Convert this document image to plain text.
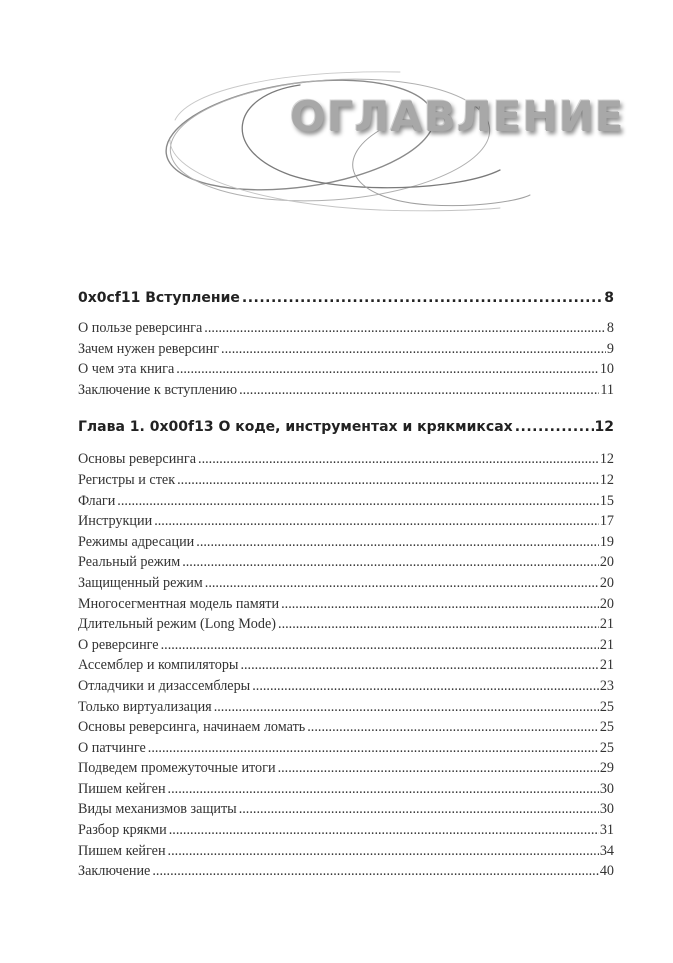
ОГЛАВЛЕНИЕ
0x0cf11 Вступление .....	8
О пользе реверсинга .....	8
Зачем нужен реверсинг .....	9
О чем эта книга .....	10
Заключение к вступлению .....	11
Глава 1. 0x00f13 О коде, инструментах и крякмиксах .....	12
Основы реверсинга .....	12
Регистры и стек .....	12
Флаги .....	15
Инструкции .....	17
Режимы адресации .....	19
Реальный режим .....	20
Защищенный режим .....	20
Многосегментная модель памяти .....	20
Длительный режим (Long Mode) .....	21
О реверсинге .....	21
Ассемблер и компиляторы .....	21
Отладчики и дизассемблеры .....	23
Только виртуализация .....	25
Основы реверсинга, начинаем ломать .....	25
О патчинге .....	25
Подведем промежуточные итоги .....	29
Пишем кейген .....	30
Виды механизмов защиты .....	30
Разбор крякми .....	31
Пишем кейген .....	34
Заключение .....	40
